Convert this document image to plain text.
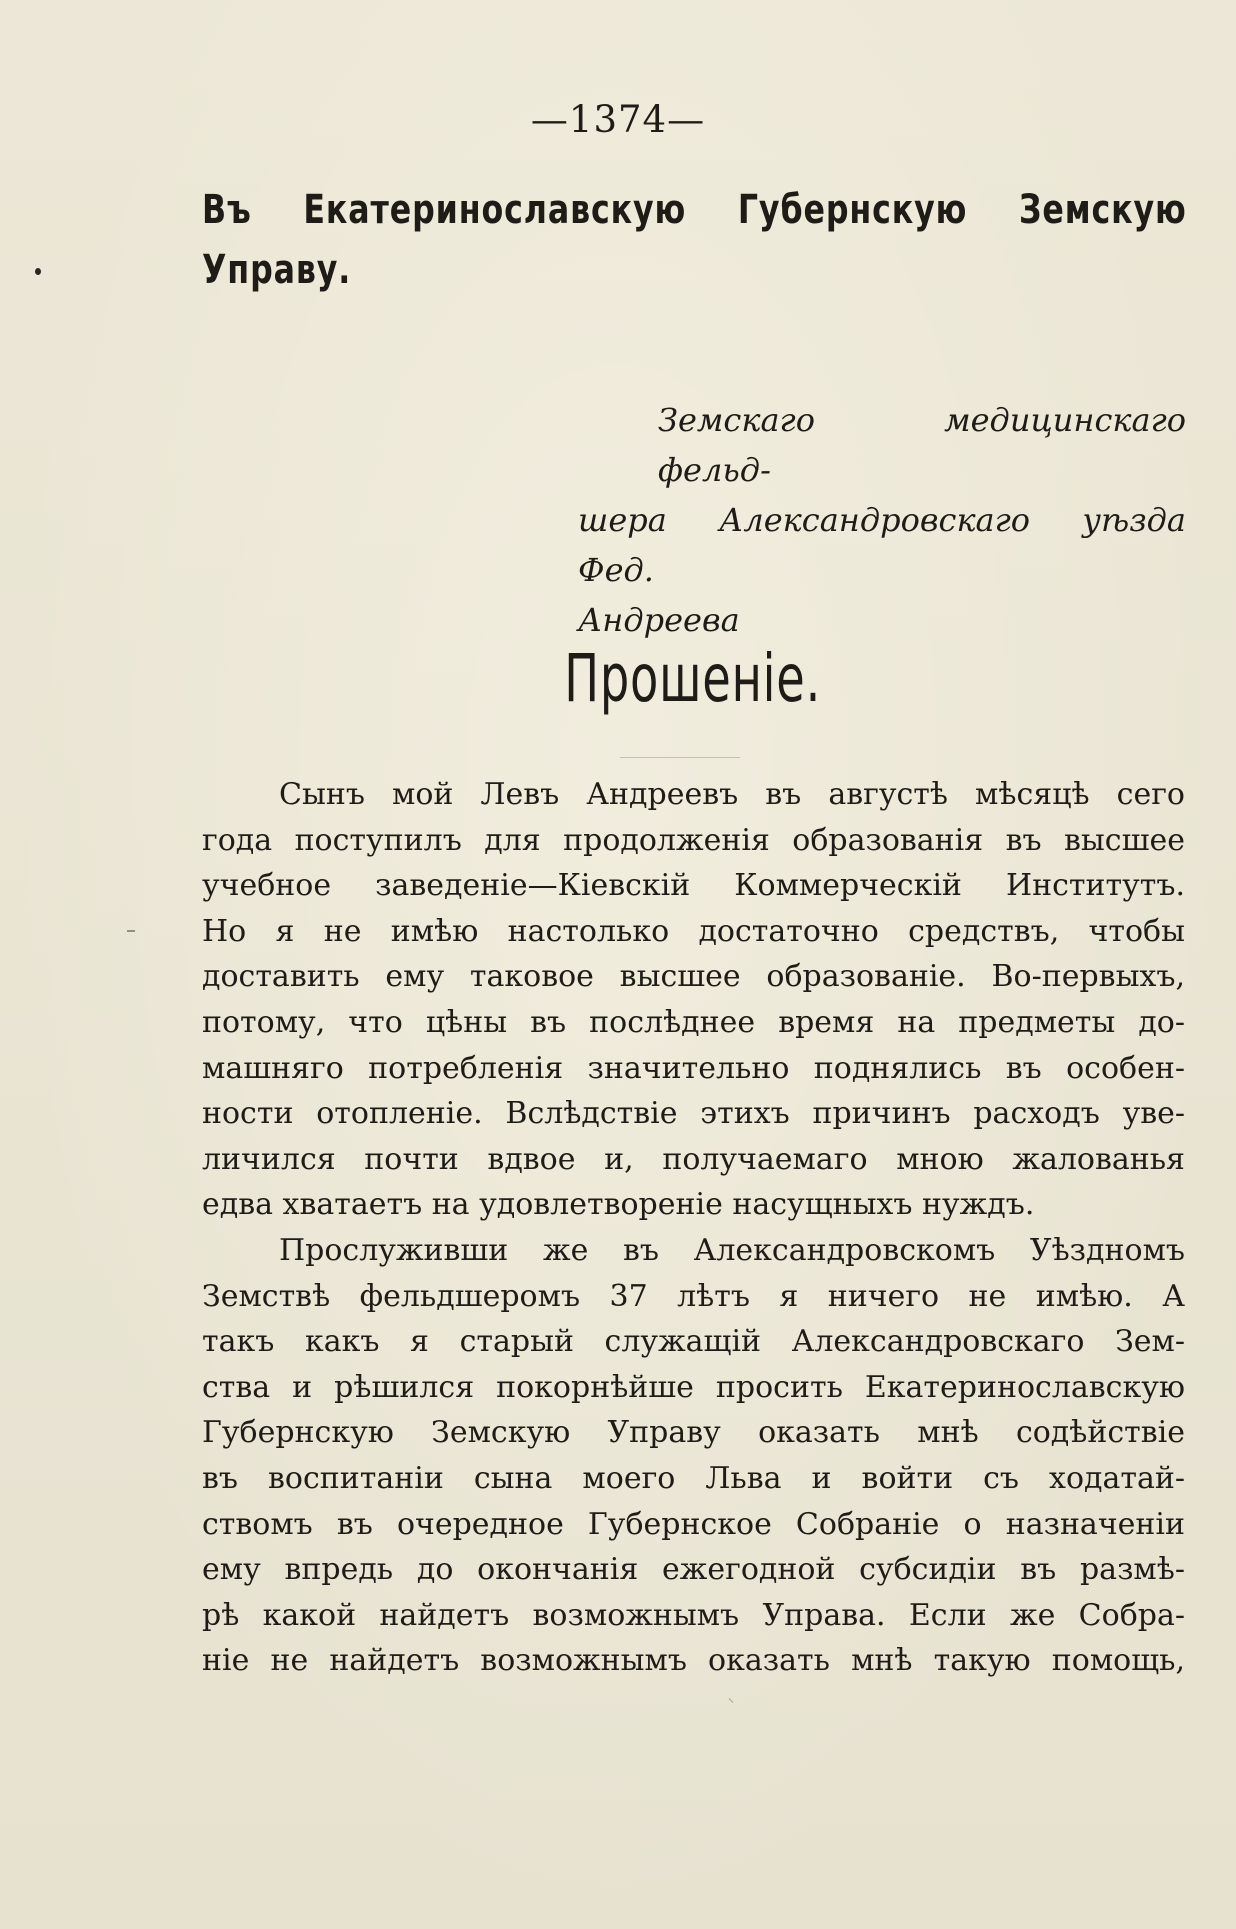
—1374—
Въ Екатеринославскую Губернскую Земскую Управу.
Земскаго медицинскаго фельд-
шера Александровскаго уѣзда Фед.
Андреева
Прошеніе.
Сынъ мой Левъ Андреевъ въ августѣ мѣсяцѣ сего
года поступилъ для продолженія образованія въ высшее
учебное заведеніе—Кіевскій Коммерческій Институтъ.
Но я не имѣю настолько достаточно средствъ, чтобы
доставить ему таковое высшее образованіе. Во-первыхъ,
потому, что цѣны въ послѣднее время на предметы до-
машняго потребленія значительно поднялись въ особен-
ности отопленіе. Вслѣдствіе этихъ причинъ расходъ уве-
личился почти вдвое и, получаемаго мною жалованья
едва хватаетъ на удовлетвореніе насущныхъ нуждъ.
Прослуживши же въ Александровскомъ Уѣздномъ
Земствѣ фельдшеромъ 37 лѣтъ я ничего не имѣю. А
такъ какъ я старый служащій Александровскаго Зем-
ства и рѣшился покорнѣйше просить Екатеринославскую
Губернскую Земскую Управу оказать мнѣ содѣйствіе
въ воспитаніи сына моего Льва и войти съ ходатай-
ствомъ въ очередное Губернское Собраніе о назначеніи
ему впредь до окончанія ежегодной субсидіи въ размѣ-
рѣ какой найдетъ возможнымъ Управа. Если же Собра-
ніе не найдетъ возможнымъ оказать мнѣ такую помощь,
